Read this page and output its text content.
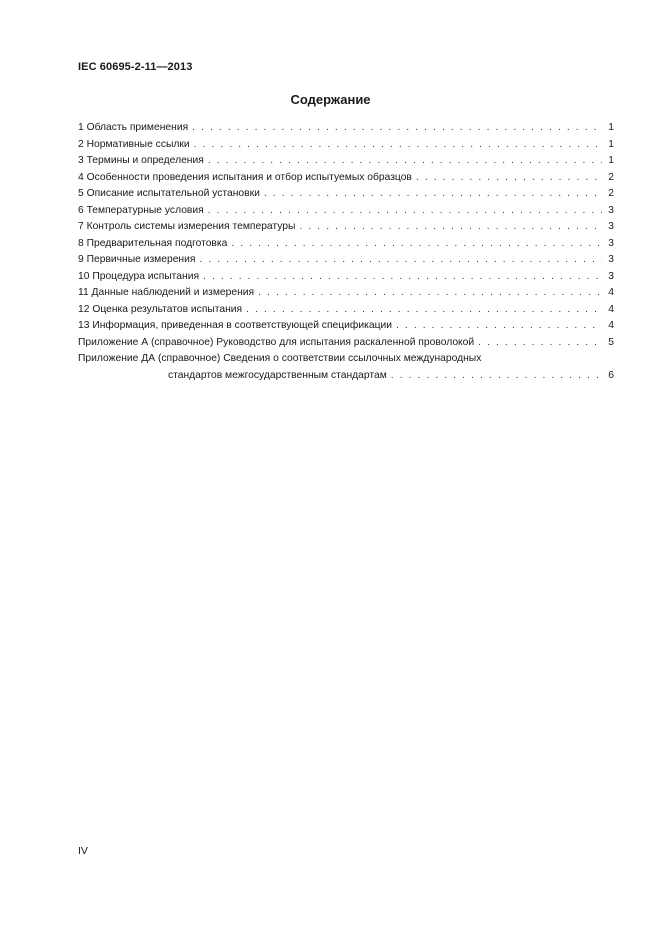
IEC 60695-2-11—2013
Содержание
1 Область применения . . .	1
2 Нормативные ссылки . . .	1
3 Термины и определения . . .	1
4 Особенности проведения испытания и отбор испытуемых образцов . . .	2
5 Описание испытательной установки . . .	2
6 Температурные условия . . .	3
7 Контроль системы измерения температуры . . .	3
8 Предварительная подготовка . . .	3
9 Первичные измерения . . .	3
10 Процедура испытания . . .	3
11 Данные наблюдений и измерения . . .	4
12 Оценка результатов испытания . . .	4
13 Информация, приведенная в соответствующей спецификации . . .	4
Приложение А (справочное) Руководство для испытания раскаленной проволокой . . .	5
Приложение ДА (справочное) Сведения о соответствии ссылочных международных
стандартов межгосударственным стандартам . . .	6
IV
